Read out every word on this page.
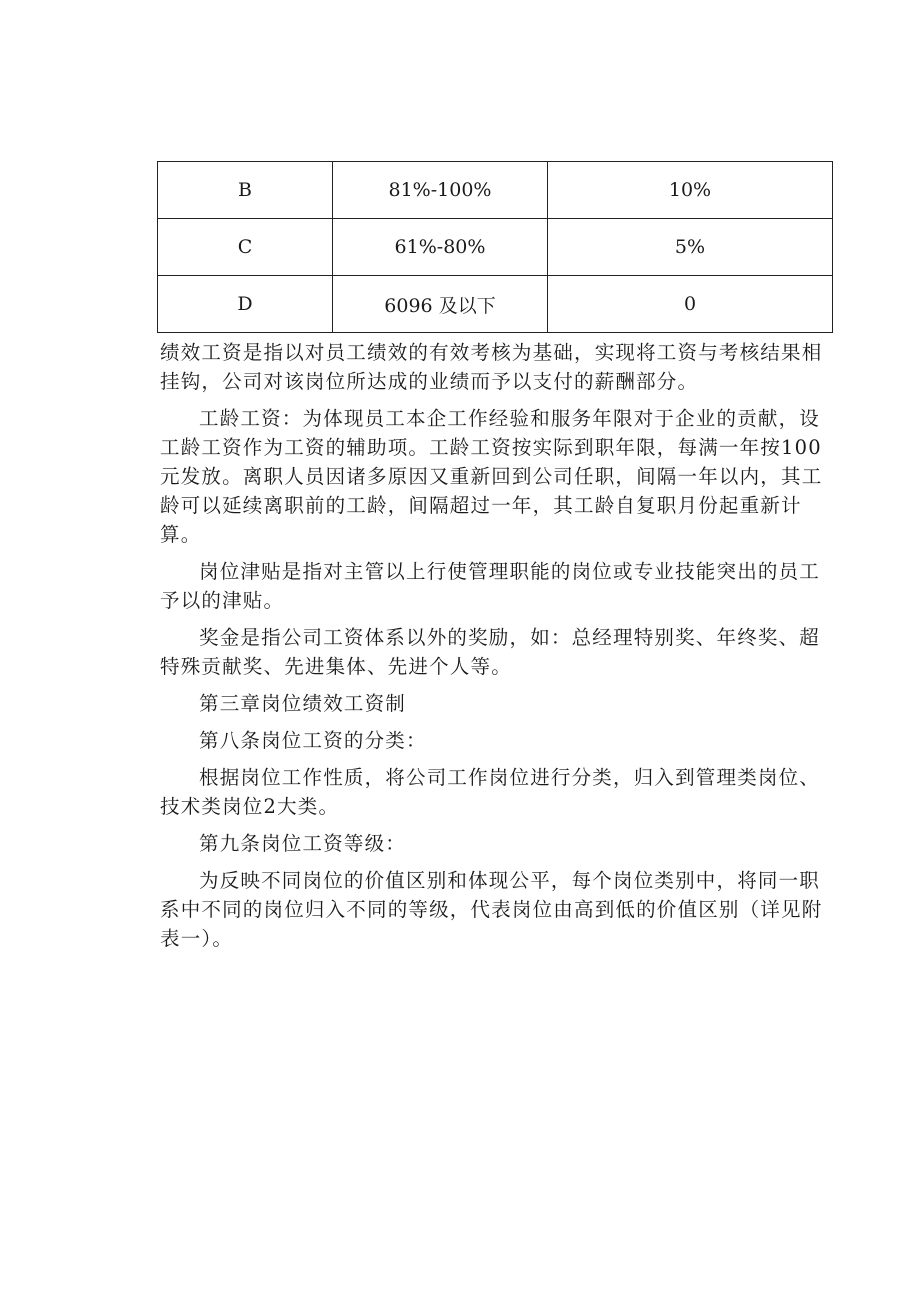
B	81%-100%	10%
C	61%-80%	5%
D	6096 及以下	0

绩效工资是指以对员工绩效的有效考核为基础，实现将工资与考核结果相挂钩，公司对该岗位所达成的业绩而予以支付的薪酬部分。

工龄工资：为体现员工本企工作经验和服务年限对于企业的贡献，设工龄工资作为工资的辅助项。工龄工资按实际到职年限，每满一年按100元发放。离职人员因诸多原因又重新回到公司任职，间隔一年以内，其工龄可以延续离职前的工龄，间隔超过一年，其工龄自复职月份起重新计算。

岗位津贴是指对主管以上行使管理职能的岗位或专业技能突出的员工予以的津贴。

奖金是指公司工资体系以外的奖励，如：总经理特别奖、年终奖、超特殊贡献奖、先进集体、先进个人等。

第三章岗位绩效工资制

第八条岗位工资的分类：

根据岗位工作性质，将公司工作岗位进行分类，归入到管理类岗位、技术类岗位2大类。

第九条岗位工资等级：

为反映不同岗位的价值区别和体现公平，每个岗位类别中，将同一职系中不同的岗位归入不同的等级，代表岗位由高到低的价值区别（详见附表一）。
